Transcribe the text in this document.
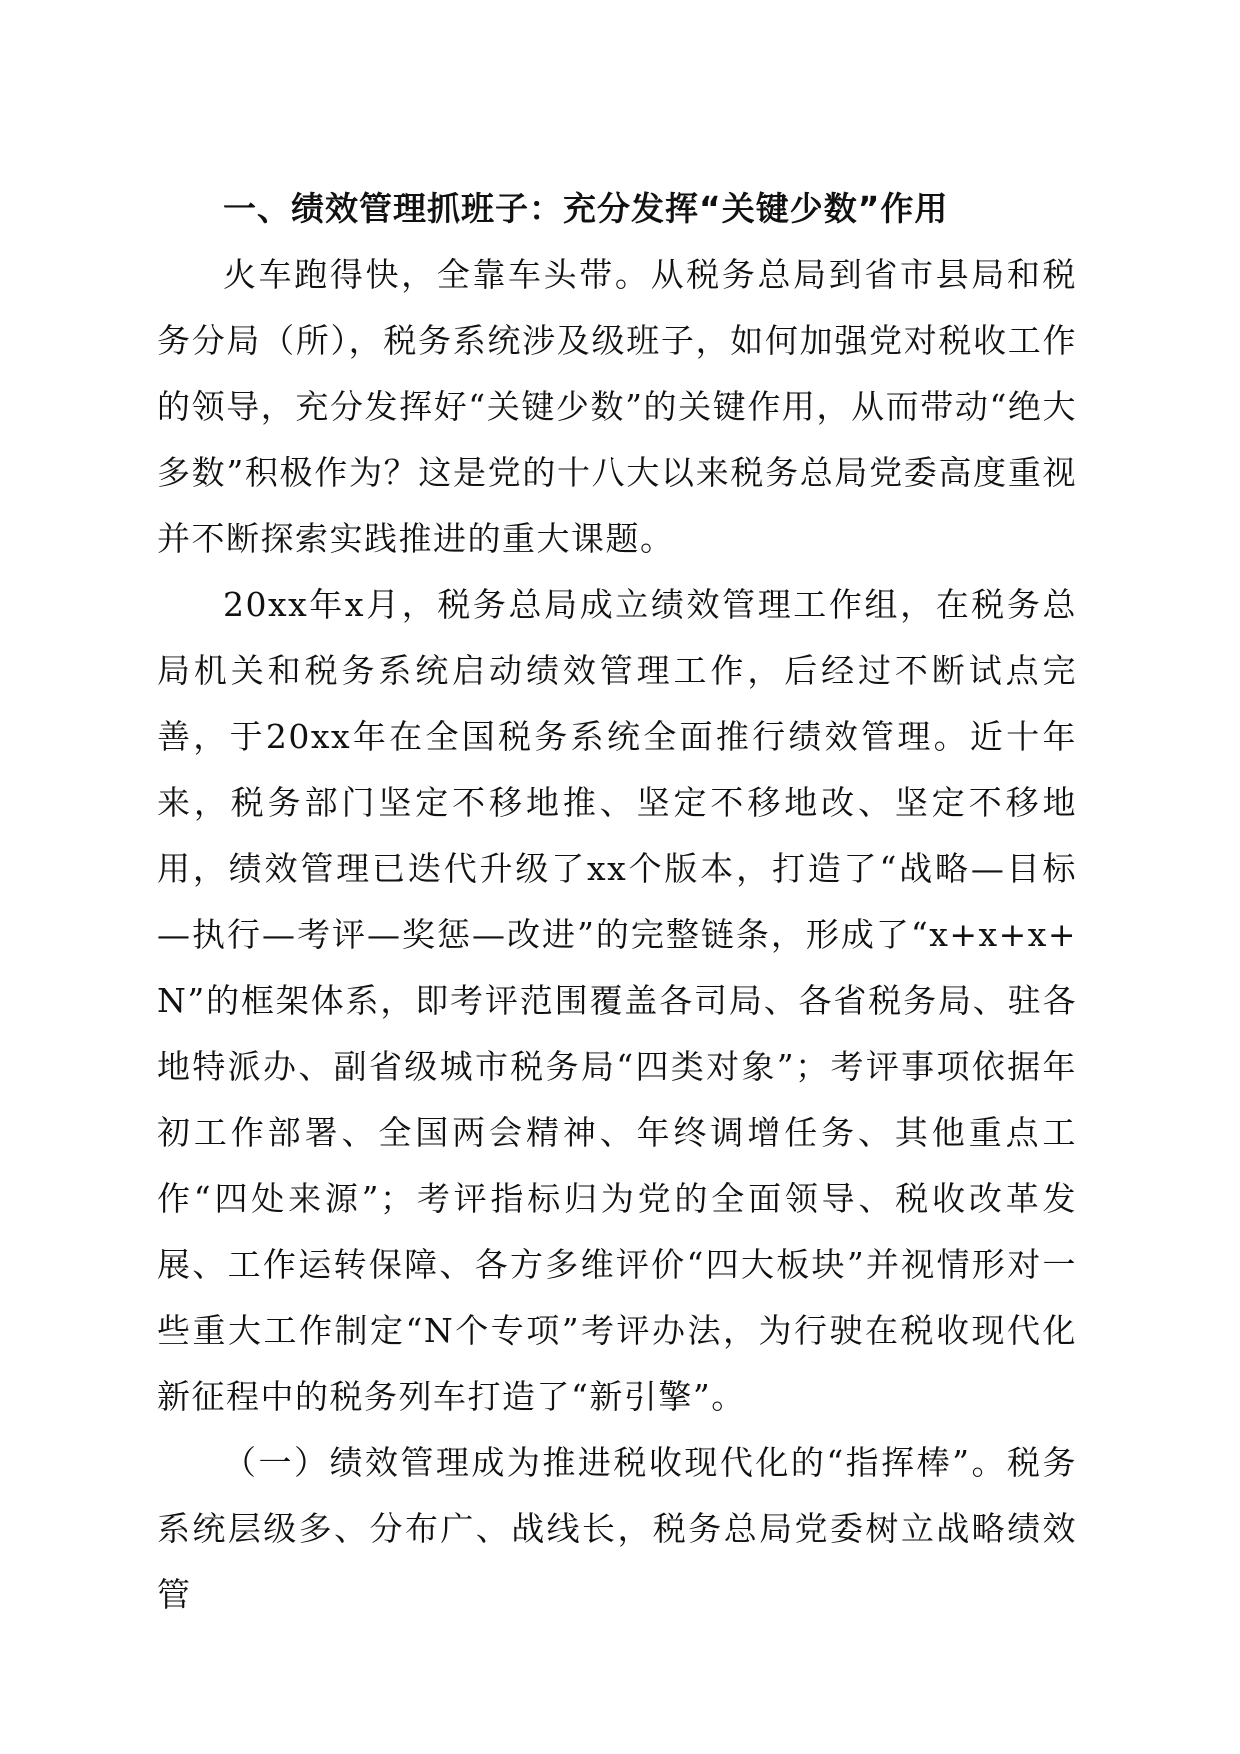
一、绩效管理抓班子：充分发挥“关键少数”作用

火车跑得快，全靠车头带。从税务总局到省市县局和税务分局（所），税务系统涉及级班子，如何加强党对税收工作的领导，充分发挥好“关键少数”的关键作用，从而带动“绝大多数”积极作为？这是党的十八大以来税务总局党委高度重视并不断探索实践推进的重大课题。

20xx年x月，税务总局成立绩效管理工作组，在税务总局机关和税务系统启动绩效管理工作，后经过不断试点完善，于20xx年在全国税务系统全面推行绩效管理。近十年来，税务部门坚定不移地推、坚定不移地改、坚定不移地用，绩效管理已迭代升级了xx个版本，打造了“战略—目标—执行—考评—奖惩—改进”的完整链条，形成了“x+x+x+N”的框架体系，即考评范围覆盖各司局、各省税务局、驻各地特派办、副省级城市税务局“四类对象”；考评事项依据年初工作部署、全国两会精神、年终调增任务、其他重点工作“四处来源”；考评指标归为党的全面领导、税收改革发展、工作运转保障、各方多维评价“四大板块”并视情形对一些重大工作制定“N个专项”考评办法，为行驶在税收现代化新征程中的税务列车打造了“新引擎”。

（一）绩效管理成为推进税收现代化的“指挥棒”。税务系统层级多、分布广、战线长，税务总局党委树立战略绩效管
